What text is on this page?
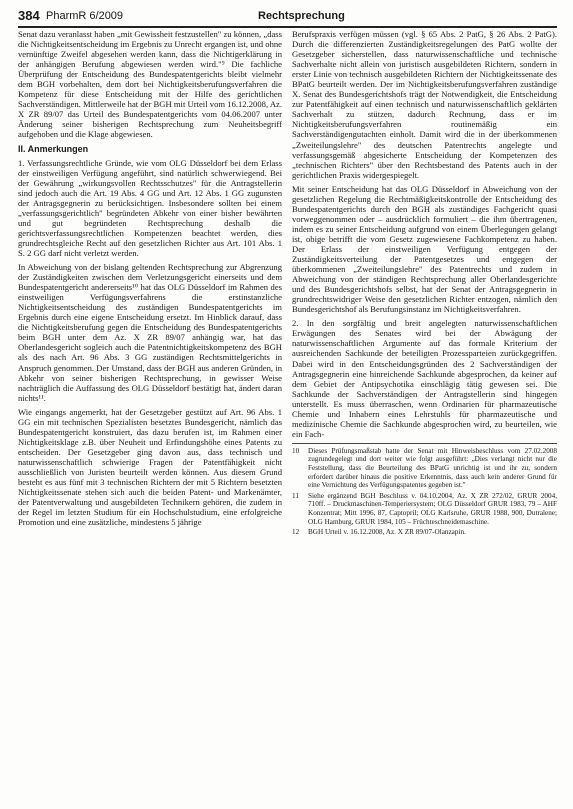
384 PharmR 6/2009	Rechtsprechung

Senat dazu veranlasst haben „mit Gewissheit festzustellen" zu können, „dass die Nichtigkeitsentscheidung im Ergebnis zu Unrecht ergangen ist, und ohne vernünftige Zweifel abgesehen werden kann, dass die Nichtigerklärung in der anhängigen Berufung abgewiesen werden wird."⁹ Die fachliche Überprüfung der Entscheidung des Bundespatentgerichts bleibt vielmehr dem BGH vorbehalten, dem dort bei Nichtigkeitsberufungsverfahren die Kompetenz für diese Entscheidung mit der Hilfe des gerichtlichen Sachverständigen. Mittlerweile hat der BGH mit Urteil vom 16.12.2008, Az. X ZR 89/07 das Urteil des Bundespatentgerichts vom 04.06.2007 unter Änderung seiner bisherigen Rechtsprechung zum Neuheitsbegriff aufgehoben und die Klage abgewiesen.

II. Anmerkungen

1. Verfassungsrechtliche Gründe, wie vom OLG Düsseldorf bei dem Erlass der einstweiligen Verfügung angeführt, sind natürlich schwerwiegend. Bei der Gewährung „wirkungsvollen Rechtsschutzes" für die Antragstellerin sind jedoch auch die Art. 19 Abs. 4 GG und Art. 12 Abs. 1 GG zugunsten der Antragsgegnerin zu berücksichtigen. Insbesondere sollten bei einem „verfassungsgerichtlich" begründeten Abkehr von einer bisher bewährten und gut begründeten Rechtsprechung deshalb die gerichtsverfassungsrechtlichen Kompetenzen beachtet werden, dies grundrechtsgleiche Recht auf den gesetzlichen Richter aus Art. 101 Abs. 1 S. 2 GG darf nicht verletzt werden.

In Abweichung von der bislang geltenden Rechtsprechung zur Abgrenzung der Zuständigkeiten zwischen dem Verletzungsgericht einerseits und dem Bundespatentgericht andererseits¹⁰ hat das OLG Düsseldorf im Rahmen des einstweiligen Verfügungsverfahrens die erstinstanzliche Nichtigkeitsentscheidung des zuständigen Bundespatentgerichts im Ergebnis durch eine eigene Entscheidung ersetzt. Im Hinblick darauf, dass die Nichtigkeitsberufung gegen die Entscheidung des Bundespatentgerichts beim BGH unter dem Az. X ZR 89/07 anhängig war, hat das Oberlandesgericht sogleich auch die Patentnichtigkeitskompetenz des BGH als des nach Art. 96 Abs. 3 GG zuständigen Rechtsmittelgerichts in Anspruch genommen. Der Umstand, dass der BGH aus anderen Gründen, in Abkehr von seiner bisherigen Rechtsprechung, in gewisser Weise nachträglich die Auffassung des OLG Düsseldorf bestätigt hat, ändert daran nichts¹¹.

Wie eingangs angemerkt, hat der Gesetzgeber gestützt auf Art. 96 Abs. 1 GG ein mit technischen Spezialisten besetztes Bundesgericht, nämlich das Bundespatentgericht konstruiert, das dazu berufen ist, im Rahmen einer Nichtigkeitsklage z.B. über Neuheit und Erfindungshöhe eines Patents zu entscheiden. Der Gesetzgeber ging davon aus, dass technisch und naturwissenschaftlich schwierige Fragen der Patentfähigkeit nicht ausschließlich von Juristen beurteilt werden können. Aus diesem Grund besteht es aus fünf mit 3 technischen Richtern der mit 5 Richtern besetzten Nichtigkeitssenate stehen sich auch die beiden Patent- und Markenämter, der Patentverwaltung und ausgebildeten Technikern gehören, die zudem in der Regel im letzten Studium für ein Hochschulstudium, eine erfolgreiche Promotion und eine zusätzliche, mindestens 5 jährige

Berufspraxis verfügen müssen (vgl. § 65 Abs. 2 PatG, § 26 Abs. 2 PatG). Durch die differenzierten Zuständigkeitsregelungen des PatG wollte der Gesetzgeber sicherstellen, dass naturwissenschaftliche und technische Sachverhalte nicht allein von juristisch ausgebildeten Richtern, sondern in erster Linie von technisch ausgebildeten Richtern der Nichtigkeitssenate des BPatG beurteilt werden. Der im Nichtigkeitsberufungsverfahren zuständige X. Senat des Bundesgerichtshofs trägt der Notwendigkeit, die Entscheidung zur Patentfähigkeit auf einen technisch und naturwissenschaftlich geklärten Sachverhalt zu stützen, dadurch Rechnung, dass er im Nichtigkeitsberufungsverfahren routinemäßig ein Sachverständigengutachten einholt. Damit wird die in der überkommenen „Zweiteilungslehre" des deutschen Patentrechts angelegte und verfassungsgemäß abgesicherte Entscheidung der Kompetenzen des „technischen Richters" über den Rechtsbestand des Patents auch in der gerichtlichen Praxis widergespiegelt.

Mit seiner Entscheidung hat das OLG Düsseldorf in Abweichung von der gesetzlichen Regelung die Rechtmäßigkeitskontrolle der Entscheidung des Bundespatentgerichts durch den BGH als zuständiges Fachgericht quasi vorweggenommen oder – ausdrücklich formuliert – die ihm übertragenen, indem es zu seiner Entscheidung aufgrund von einem Überlegungen gelangt ist, obige betrifft die vom Gesetz zugewiesene Fachkompetenz zu haben. Der Erlass der einstweiligen Verfügung entgegen der Zuständigkeitsverteilung der Patentgesetzes und entgegen der überkommenen „Zweiteilungslehre" des Patentrechts und zudem in Abweichung von der ständigen Rechtsprechung aller Oberlandesgerichte und des Bundesgerichtshofs selbst, hat der Senat der Antragsgegnerin in grundrechtswidriger Weise den gesetzlichen Richter entzogen, nämlich den Bundesgerichtshof als Berufungsinstanz im Nichtigkeitsverfahren.

2. In den sorgfältig und breit angelegten naturwissenschaftlichen Erwägungen des Senates wird bei der Abwägung der naturwissenschaftlichen Argumente auf das formale Kriterium der ausreichenden Sachkunde der beteiligten Prozessparteien zurückgegriffen. Dabei wird in den Entscheidungsgründen des 2 Sachverständigen der Antragsgegnerin eine hinreichende Sachkunde abgesprochen, da keiner auf dem Gebiet der Antipsychotika einschlägig tätig gewesen sei. Die Sachkunde der Sachverständigen der Antragstellerin sind hingegen unterstellt. Es muss überraschen, wenn Ordinarien für pharmazeutische Chemie und Inhabern eines Lehrstuhls für pharmazeutische und medizinische Chemie die Sachkunde abgesprochen wird, zu beurteilen, wie ein Fach-

10	Dieses Prüfungsmaßstab hatte der Senat mit Hinweisbeschluss vom 27.02.2008 zugrundegelegt und dort weiter wie folgt ausgeführt: „Dies verlangt nicht nur die Feststellung, dass die Beurteilung des BPatG unrichtig ist und ihr zu, sondern erfordert darüber hinaus die positive Erkenntnis, dass auch kein anderer Grund für eine Vernichtung des Verfügungspatentes gegeben ist."
11	Siehe ergänzend BGH Beschluss v. 04.10.2004, Az. X ZR 272/02, GRUR 2004, 710ff. – Druckmaschinen-Temperiersystem; OLG Düsseldorf GRUR 1983, 79 – AHF Konzentrat; Mitt 1996, 87, Captopril; OLG Karlsruhe, GRUR 1988, 900, Dutralene; OLG Hamburg, GRUR 1984, 105 – Früchteschneidemaschine.
12	BGH Urteil v. 16.12.2008, Az. X ZR 89/07-Olanzapin.
